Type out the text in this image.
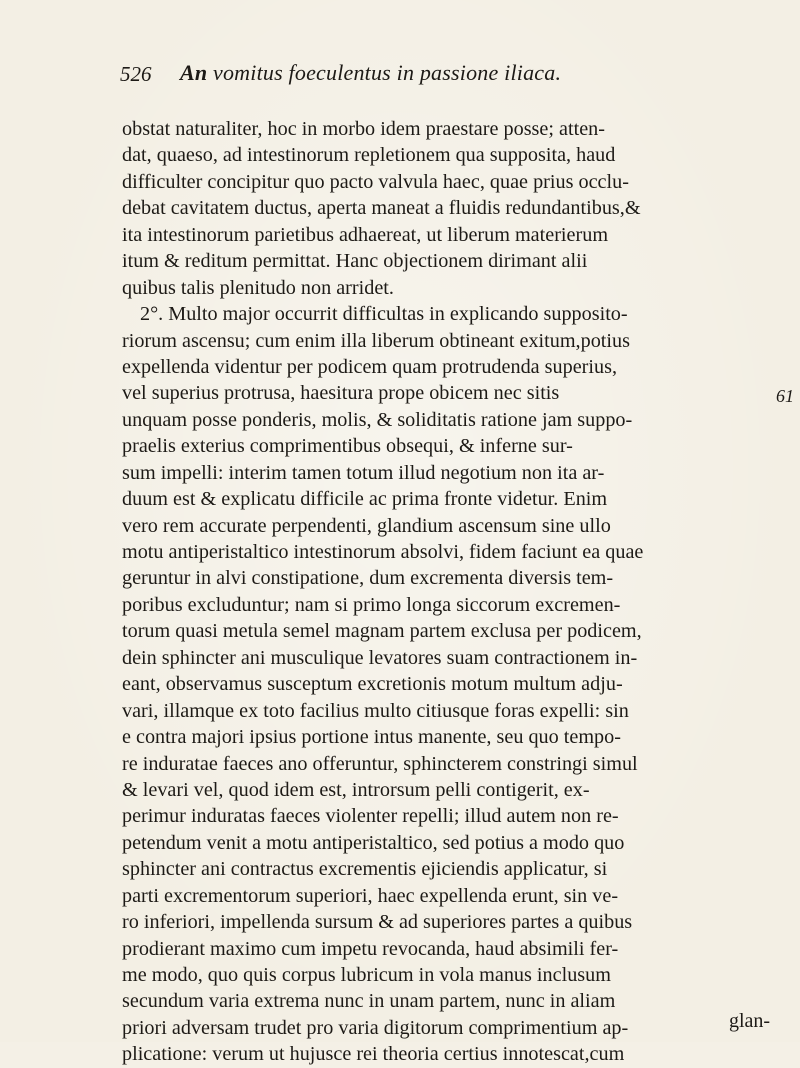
526 An vomitus foeculentus in passione iliaca.
obstat naturaliter, hoc in morbo idem praestare posse; atten-
dat, quaeso, ad intestinorum repletionem qua supposita, haud
difficulter concipitur quo pacto valvula haec, quae prius occlu-
debat cavitatem ductus, aperta maneat a fluidis redundantibus,&
ita intestinorum parietibus adhaereat, ut liberum materierum
itum & reditum permittat. Hanc objectionem dirimant alii
quibus talis plenitudo non arridet.
2°. Multo major occurrit difficultas in explicando supposito-
riorum ascensu; cum enim illa liberum obtineant exitum,potius
expellenda videntur per podicem quam protrudenda superius,
vel superius protrusa, haesitura prope obicem nec sitis
unquam posse ponderis, molis, & soliditatis ratione jam suppo-
praelis exterius comprimentibus obsequi, & inferne sur-
sum impelli: interim tamen totum illud negotium non ita ar-
duum est & explicatu difficile ac prima fronte videtur. Enim
vero rem accurate perpendenti, glandium ascensum sine ullo
motu antiperistaltico intestinorum absolvi, fidem faciunt ea quae
geruntur in alvi constipatione, dum excrementa diversis tem-
poribus excluduntur; nam si primo longa siccorum excremen-
torum quasi metula semel magnam partem exclusa per podicem,
dein sphincter ani musculique levatores suam contractionem in-
eant, observamus susceptum excretionis motum multum adju-
vari, illamque ex toto facilius multo citiusque foras expelli: sin
e contra majori ipsius portione intus manente, seu quo tempo-
re induratae faeces ano offeruntur, sphincterem constringi simul
& levari vel, quod idem est, introrsum pelli contigerit, ex-
perimur induratas faeces violenter repelli; illud autem non re-
petendum venit a motu antiperistaltico, sed potius a modo quo
sphincter ani contractus excrementis ejiciendis applicatur, si
parti excrementorum superiori, haec expellenda erunt, sin ve-
ro inferiori, impellenda sursum & ad superiores partes a quibus
prodierant maximo cum impetu revocanda, haud absimili fer-
me modo, quo quis corpus lubricum in vola manus inclusum
secundum varia extrema nunc in unam partem, nunc in aliam
priori adversam trudet pro varia digitorum comprimentium ap-
plicatione: verum ut hujusce rei theoria certius innotescat,cum
61
glan-
